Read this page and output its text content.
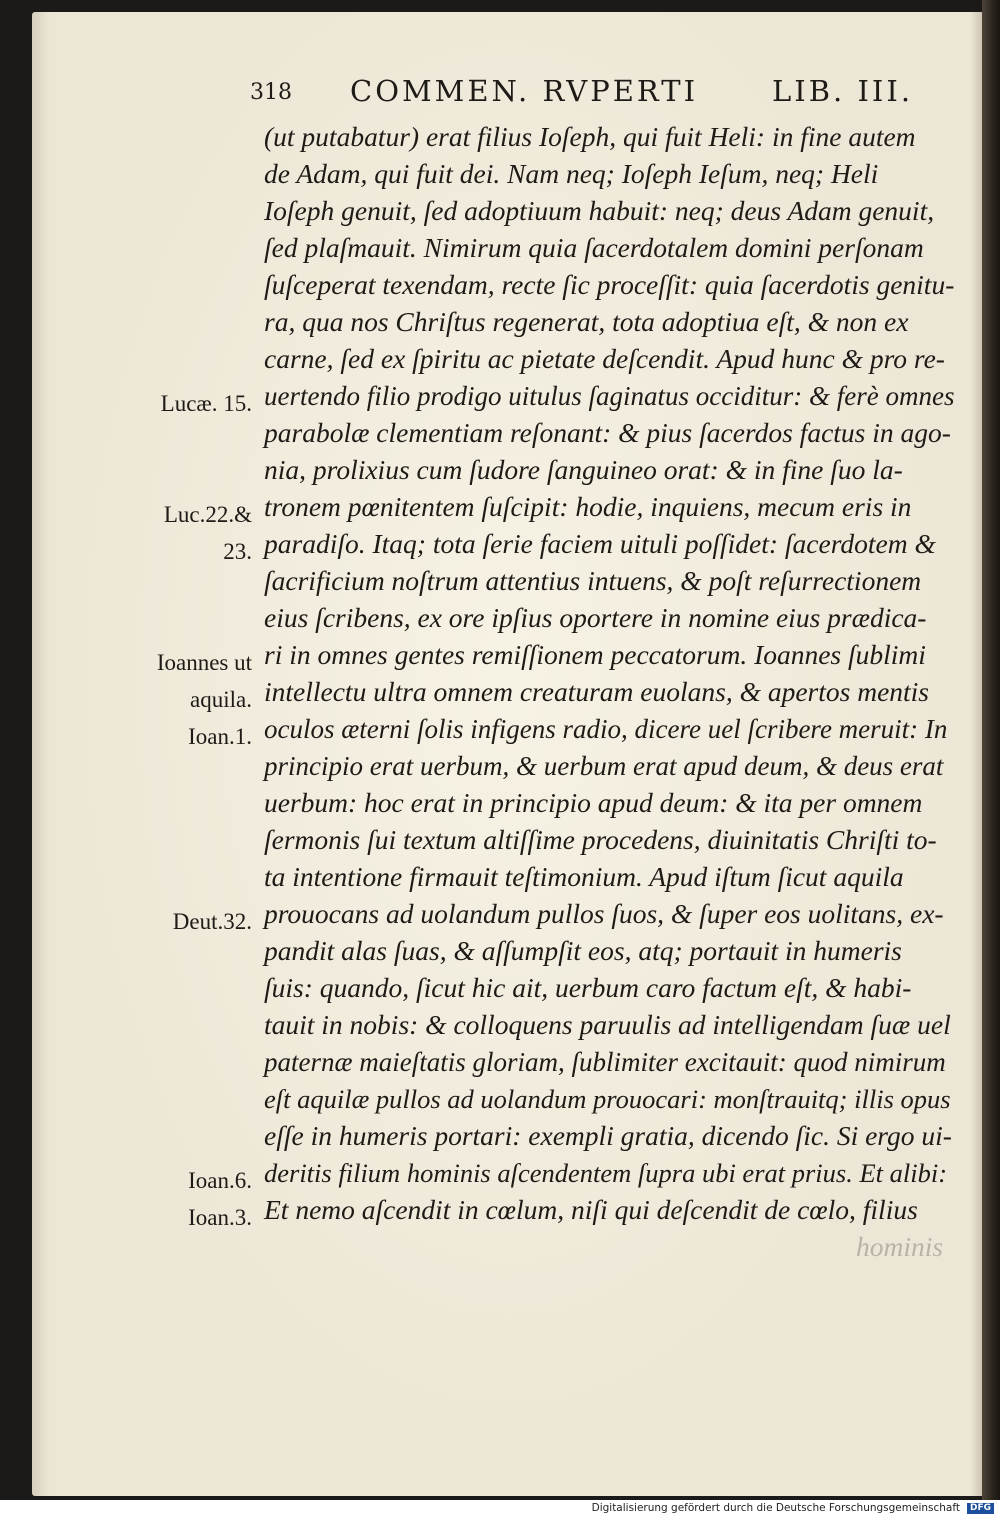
318 COMMEN. RVPERTI	LIB. III.
(ut putabatur) erat filius Ioſeph, qui fuit Heli: in fine autem
de Adam, qui fuit dei. Nam neq; Ioſeph Ieſum, neq; Heli
Ioſeph genuit, ſed adoptiuum habuit: neq; deus Adam genuit,
ſed plaſmauit. Nimirum quia ſacerdotalem domini perſonam
ſuſceperat texendam, recte ſic proceſſit: quia ſacerdotis genitu-
ra, qua nos Chriſtus regenerat, tota adoptiua eſt, & non ex
carne, ſed ex ſpiritu ac pietate deſcendit. Apud hunc & pro re-
uertendo filio prodigo uitulus ſaginatus occiditur: & ferè omnes
parabolæ clementiam reſonant: & pius ſacerdos factus in ago-
nia, prolixius cum ſudore ſanguineo orat: & in fine ſuo la-
tronem pœnitentem ſuſcipit: hodie, inquiens, mecum eris in
paradiſo. Itaq; tota ſerie faciem uituli poſſidet: ſacerdotem &
ſacrificium noſtrum attentius intuens, & poſt reſurrectionem
eius ſcribens, ex ore ipſius oportere in nomine eius prædica-
ri in omnes gentes remiſſionem peccatorum. Ioannes ſublimi
intellectu ultra omnem creaturam euolans, & apertos mentis
oculos æterni ſolis infigens radio, dicere uel ſcribere meruit: In
principio erat uerbum, & uerbum erat apud deum, & deus erat
uerbum: hoc erat in principio apud deum: & ita per omnem
ſermonis ſui textum altiſſime procedens, diuinitatis Chriſti to-
ta intentione firmauit teſtimonium. Apud iſtum ſicut aquila
prouocans ad uolandum pullos ſuos, & ſuper eos uolitans, ex-
pandit alas ſuas, & aſſumpſit eos, atq; portauit in humeris
ſuis: quando, ſicut hic ait, uerbum caro factum eſt, & habi-
tauit in nobis: & colloquens paruulis ad intelligendam ſuæ uel
paternæ maieſtatis gloriam, ſublimiter excitauit: quod nimirum
eſt aquilæ pullos ad uolandum prouocari: monſtrauitq; illis opus
eſſe in humeris portari: exempli gratia, dicendo ſic. Si ergo ui-
deritis filium hominis aſcendentem ſupra ubi erat prius. Et alibi:
Et nemo aſcendit in cœlum, niſi qui deſcendit de cœlo, filius
hominis
Lucæ. 15.
Luc.22.&
23.
Ioannes ut
aquila.
Ioan.1.
Deut.32.
Ioan.6.
Ioan.3.
Digitalisierung gefördert durch die Deutsche Forschungsgemeinschaft	DFG
